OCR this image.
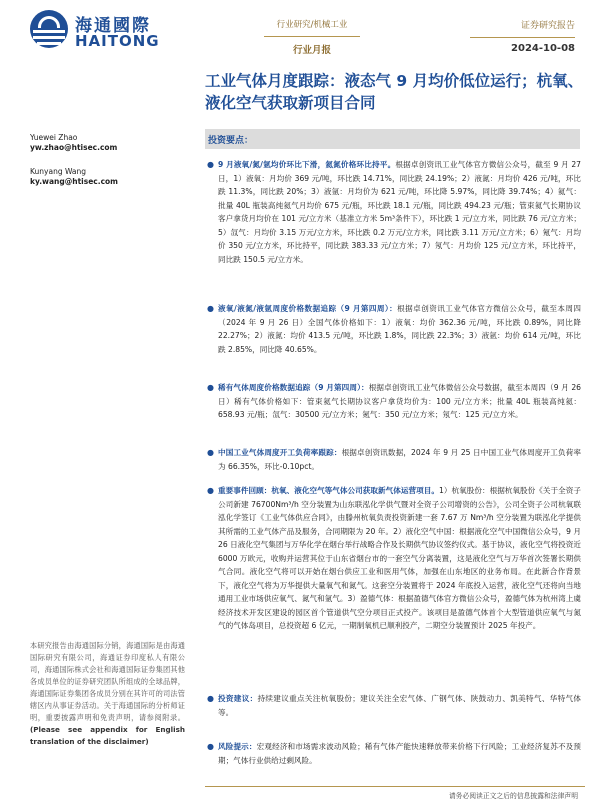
海通國際
HAITONG
行业研究/机械工业
行业月报
证券研究报告
2024-10-08
工业气体月度跟踪：液态气 9 月均价低位运行；杭氧、液化空气获取新项目合同
Yuewei Zhao
yw.zhao@htisec.com
Kunyang Wang
ky.wang@htisec.com
投资要点：
● 9 月液氧/氮/氩均价环比下滑，氦氮价格环比持平。根据卓创资讯工业气体官方微信公众号，截至 9 月 27 日，1）液氧：月均价 369 元/吨，环比跌 14.71%，同比跌 24.19%；2）液氮：月均价 426 元/吨，环比跌 11.3%，同比跌 20%；3）液氩：月均价为 621 元/吨，环比降 5.97%，同比降 39.74%；4）氦气：批量 40L 瓶装高纯氦气月均价 675 元/瓶，环比跌 18.1 元/瓶，同比跌 494.23 元/瓶；管束氦气长期协议客户拿货月均价在 101 元/立方米（基准立方米 5m³条件下），环比跌 1 元/立方米，同比跌 76 元/立方米；5）氙气：月均价 3.15 万元/立方米，环比跌 0.2 万元/立方米，同比跌 3.11 万元/立方米；6）氪气：月均价 350 元/立方米，环比持平，同比跌 383.33 元/立方米；7）氖气：月均价 125 元/立方米，环比持平，同比跌 150.5 元/立方米。
● 液氧/液氮/液氩周度价格数据追踪（9 月第四周）：根据卓创资讯工业气体官方微信公众号，截至本周四（2024 年 9 月 26 日）全国气体价格如下：1）液氧：均价 362.36 元/吨，环比跌 0.89%，同比降 22.27%；2）液氮：均价 413.5 元/吨，环比跌 1.8%，同比跌 22.3%；3）液氩：均价 614 元/吨，环比跌 2.85%，同比降 40.65%。
● 稀有气体周度价格数据追踪（9 月第四周）：根据卓创资讯工业气体微信公众号数据，截至本周四（9 月 26 日）稀有气体价格如下：管束氦气长期协议客户拿货均价为：100 元/立方米；批量 40L 瓶装高纯氦：658.93 元/瓶；氙气：30500 元/立方米；氪气：350 元/立方米；氖气：125 元/立方米。
● 中国工业气体周度开工负荷率跟踪：根据卓创资讯数据，2024 年 9 月 25 日中国工业气体周度开工负荷率为 66.35%，环比-0.10pct。
● 重要事件回顾：杭氧、液化空气等气体公司获取新气体运营项目。1）杭氧股份：根据杭氧股份《关于全资子公司新建 76700Nm³/h 空分装置为山东联泓化学供气暨对全资子公司增资的公告》，公司全资子公司杭氧联泓化学签订《工业气体供应合同》，由滕州杭氧负责投资新建一套 7.67 万 Nm³/h 空分装置为联泓化学提供其所需的工业气体产品及服务，合同期限为 20 年。2）液化空气中国：根据液化空气中国微信公众号，9 月 26 日液化空气集团与万华化学在烟台举行战略合作及长期供气协议签约仪式。基于协议，液化空气将投资近 6000 万欧元，收购并运营其位于山东省烟台市的一套空气分离装置，这是液化空气与万华首次签署长期供气合同。液化空气将可以开始在烟台供应工业和医用气体，加强在山东地区的业务布局。在此新合作背景下，液化空气将为万华提供大量氧气和氮气。这套空分装置将于 2024 年底投入运营，液化空气还将向当地通用工业市场供应氧气、氮气和氩气。3）盈德气体：根据盈德气体官方微信公众号，盈德气体为杭州湾上虞经济技术开发区建设的园区首个管道供气空分项目正式投产。该项目是盈德气体首个大型管道供应氧气与氮气的气体岛项目，总投资超 6 亿元，一期制氧机已顺利投产，二期空分装置预计 2025 年投产。
● 投资建议：持续建议重点关注杭氧股份；建议关注全宏气体、广钢气体、陕鼓动力、凯美特气、华特气体等。
● 风险提示：宏观经济和市场需求波动风险；稀有气体产能快速释放带来价格下行风险；工业经济复苏不及预期；气体行业供给过剩风险。
本研究报告由海通国际分销，海通国际是由海通国际研究有限公司，海通证券印度私人有限公司，海通国际株式会社和海通国际证券集团其他各成员单位的证券研究团队所组成的全球品牌，海通国际证券集团各成员分别在其许可的司法管辖区内从事证券活动。关于海通国际的分析师证明，重要披露声明和免责声明，请参阅附录。(Please see appendix for English translation of the disclaimer)
请务必阅读正文之后的信息披露和法律声明
